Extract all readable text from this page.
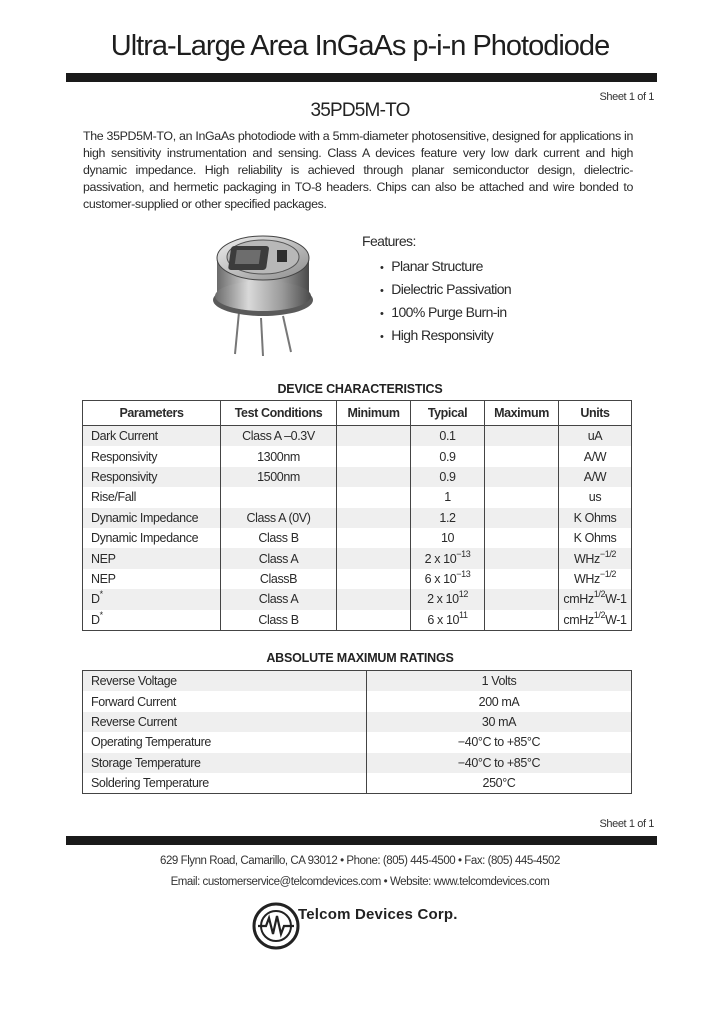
Ultra-Large Area InGaAs p-i-n Photodiode
Sheet 1 of 1
35PD5M-TO
The 35PD5M-TO, an InGaAs photodiode with a 5mm-diameter photosensitive, designed for applications in high sensitivity instrumentation and sensing. Class A devices feature very low dark current and high dynamic impedance. High reliability is achieved through planar semiconductor design, dielectric-passivation, and hermetic packaging in TO-8 headers. Chips can also be attached and wire bonded to customer-supplied or other specified packages.
Features:
• Planar Structure
• Dielectric Passivation
• 100% Purge Burn-in
• High Responsivity
DEVICE CHARACTERISTICS
Parameters	Test Conditions	Minimum	Typical	Maximum	Units
Dark Current	Class A –0.3V		0.1		uA
Responsivity	1300nm		0.9		A/W
Responsivity	1500nm		0.9		A/W
Rise/Fall			1		us
Dynamic Impedance	Class A (0V)		1.2		K Ohms
Dynamic Impedance	Class B		10		K Ohms
NEP	Class A		2 x $10^{-13}$		WHz$^{-1/2}$
NEP	ClassB		6 x $10^{-13}$		WHz$^{-1/2}$
D*	Class A		2 x $10^{12}$		cmHz$^{1/2}$W-1
D*	Class B		6 x $10^{11}$		cmHz$^{1/2}$W-1
ABSOLUTE MAXIMUM RATINGS
Reverse Voltage	1 Volts
Forward Current	200 mA
Reverse Current	30 mA
Operating Temperature	−40°C to +85°C
Storage Temperature	−40°C to +85°C
Soldering Temperature	250°C
Sheet 1 of 1
629 Flynn Road, Camarillo, CA 93012 • Phone: (805) 445-4500 • Fax: (805) 445-4502
Email: customerservice@telcomdevices.com • Website: www.telcomdevices.com
Telcom Devices Corp.
